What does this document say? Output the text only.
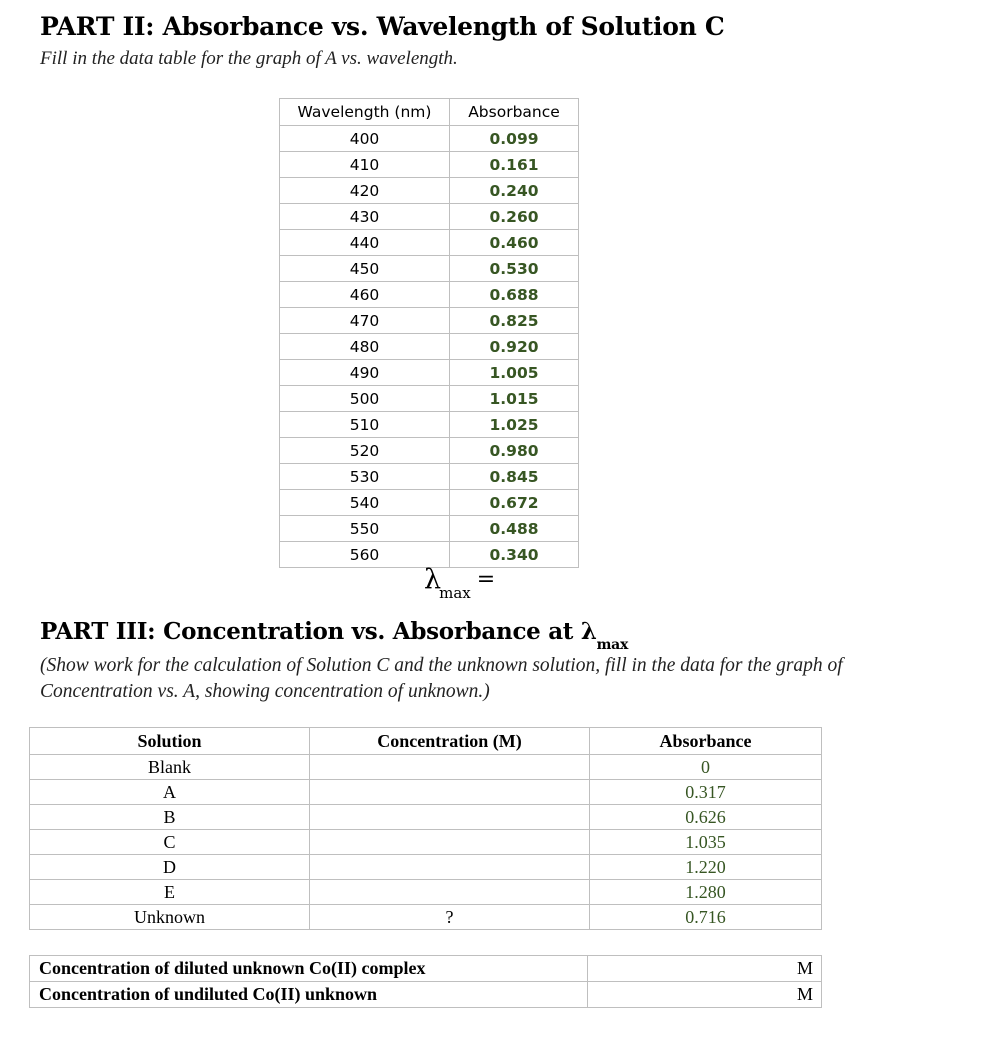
PART II: Absorbance vs. Wavelength of Solution C

Fill in the data table for the graph of A vs. wavelength.

Wavelength (nm)	Absorbance
400	0.099
410	0.161
420	0.240
430	0.260
440	0.460
450	0.530
460	0.688
470	0.825
480	0.920
490	1.005
500	1.015
510	1.025
520	0.980
530	0.845
540	0.672
550	0.488
560	0.340
$\lambda_{max}=$
PART III: Concentration vs. Absorbance at $\lambda_{max}$

(Show work for the calculation of Solution C and the unknown solution, fill in the data for the graph of Concentration vs. A, showing concentration of unknown.)

Solution	Concentration (M)	Absorbance
Blank		0
A		0.317
B		0.626
C		1.035
D		1.220
E		1.280
Unknown	?	0.716
Concentration of diluted unknown Co(II) complex	M
Concentration of undiluted Co(II) unknown	M
